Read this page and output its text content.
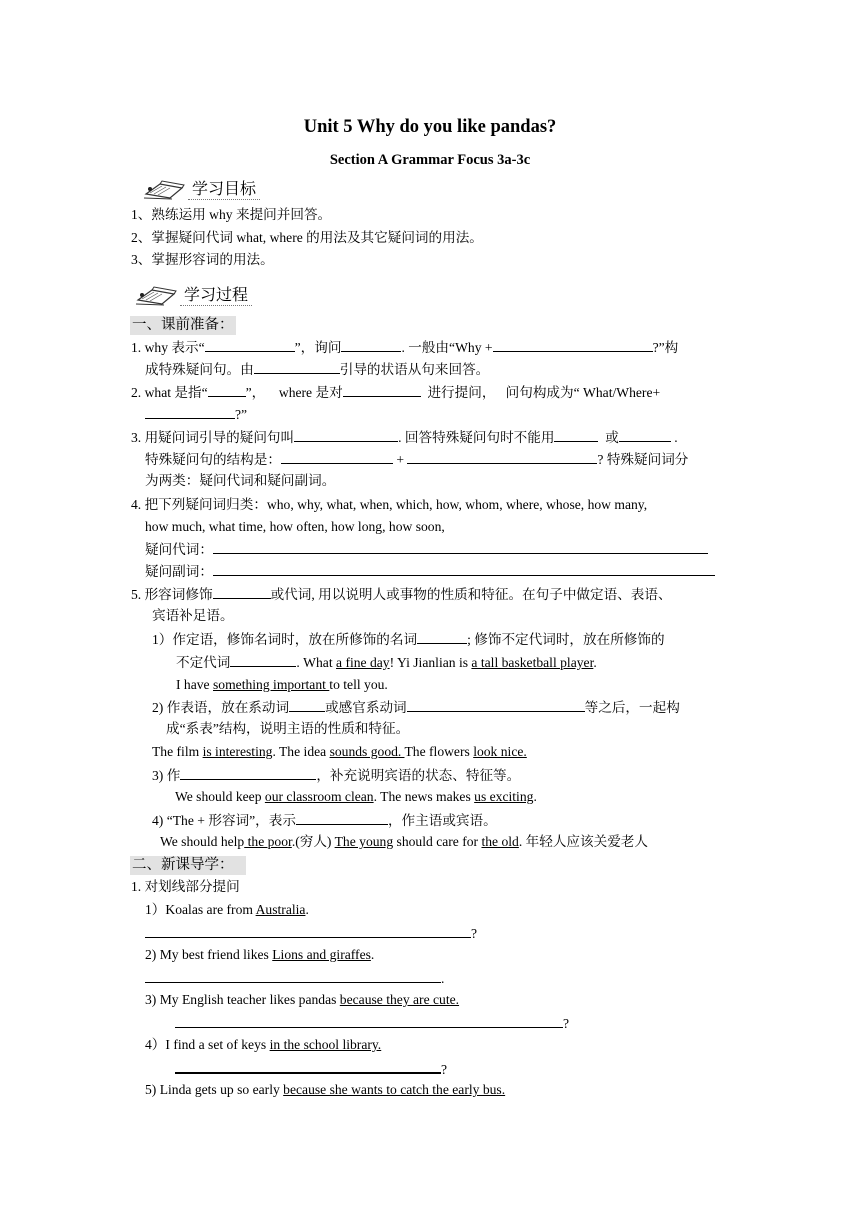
Unit 5 Why do you like pandas?
Section A Grammar Focus 3a-3c
学习目标
1、熟练运用 why 来提问并回答。
2、掌握疑问代词 what, where 的用法及其它疑问词的用法。
3、掌握形容词的用法。
学习过程
一、课前准备：
1. why 表示“	”，询问	. 一般由“Why +	?”构
成特殊疑问句。由	引导的状语从句来回答。
2. what 是指“	”， where 是对	进行提问， 问句构成为“ What/Where+
?”
3. 用疑问词引导的疑问句叫	. 回答特殊疑问句时不能用	或	.
特殊疑问句的结构是：	+	? 特殊疑问词分
为两类：疑问代词和疑问副词。
4. 把下列疑问词归类：who, why, what, when, which, how, whom, where, whose, how many,
how much, what time, how often, how long, how soon,
疑问代词：
疑问副词：
5. 形容词修饰	或代词, 用以说明人或事物的性质和特征。在句子中做定语、表语、
宾语补足语。
1）作定语，修饰名词时，放在所修饰的名词	; 修饰不定代词时，放在所修饰的
不定代词	. What a fine day! Yi Jianlian is a tall basketball player.
I have something important to tell you.
2) 作表语，放在系动词	或感官系动词	等之后，一起构
成“系表”结构，说明主语的性质和特征。
The film is interesting. The idea sounds good. The flowers look nice.
3) 作	，补充说明宾语的状态、特征等。
We should keep our classroom clean. The news makes us exciting.
4) “The + 形容词”，表示	，作主语或宾语。
We should help the poor.(穷人) The young should care for the old. 年轻人应该关爱老人
二、新课导学：
1. 对划线部分提问
1）Koalas are from Australia.
?
2) My best friend likes Lions and giraffes.
.
3) My English teacher likes pandas because they are cute.
?
4）I find a set of keys in the school library.
?
5) Linda gets up so early because she wants to catch the early bus.
